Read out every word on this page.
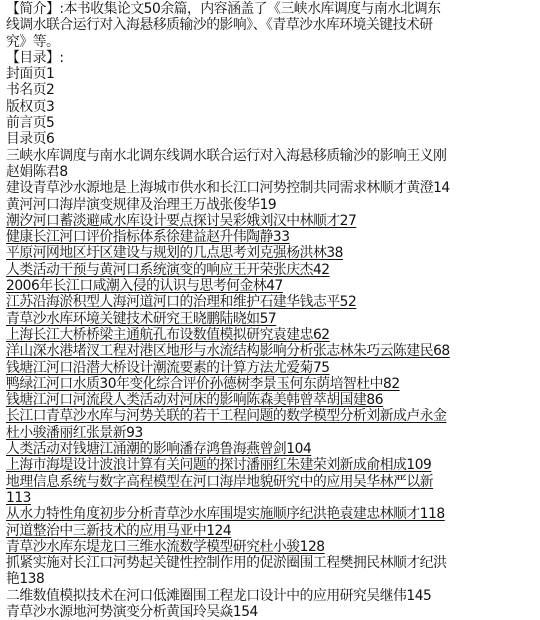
【简介】:本书收集论文50余篇，内容涵盖了《三峡水库调度与南水北调东
线调水联合运行对入海悬移质输沙的影响》、《青草沙水库环境关键技术研
究》等。
【目录】:
封面页1
书名页2
版权页3
前言页5
目录页6
三峡水库调度与南水北调东线调水联合运行对入海悬移质输沙的影响王义刚
赵娟陈君8
建设青草沙水源地是上海城市供水和长江口河势控制共同需求林顺才黄澄14
黄河河口海岸演变规律及治理王万战张俊华19
潮汐河口蓄淡避咸水库设计要点探讨吴彩娥刘汉中林顺才27
健康长江河口评价指标体系徐建益赵升伟陶静33
平原河网地区圩区建设与规划的几点思考刘克强杨洪林38
人类活动干预与黄河口系统演变的响应王开荣张庆杰42
2006年长江口咸潮入侵的认识与思考何金林47
江苏沿海淤积型人海河道河口的治理和维护石建华钱志平52
青草沙水库环境关键技术研究王晓鹏陆晓如57
上海长江大桥桥梁主通航孔布设数值模拟研究袁建忠62
洋山深水港堵汊工程对港区地形与水流结构影响分析张志林朱巧云陈建民68
钱塘江河口沿潜大桥设计潮流要素的计算方法尤爱菊75
鸭绿江河口水质30年变化综合评价孙德树李景玉何东荫培智杜中82
钱塘江河口河流段人类活动对河床的影响陈森美韩曾萃胡国建86
长江口青草沙水库与河势关联的若干工程问题的数学模型分析刘新成卢永金
杜小骏潘丽红张景新93
人类活动对钱塘江涌潮的影响潘存鸿鲁海燕曾剑104
上海市海堤设计波浪计算有关问题的探讨潘丽红朱建荣刘新成俞相成109
地理信息系统与数字高程模型在河口海岸地貌研究中的应用吴华林严以新
113
从水力特性角度初步分析青草沙水库围堤实施顺序纪洪艳袁建忠林顺才118
河道整治中三新技术的应用马亚中124
青草沙水库东堤龙口三维水流数学模型研究杜小骏128
抓紧实施对长江口河势起关键性控制作用的促淤圈围工程樊拥民林顺才纪洪
艳138
二维数值模拟技术在河口低滩圈围工程龙口设计中的应用研究吴继伟145
青草沙水源地河势演变分析黄国玲吴焱154
